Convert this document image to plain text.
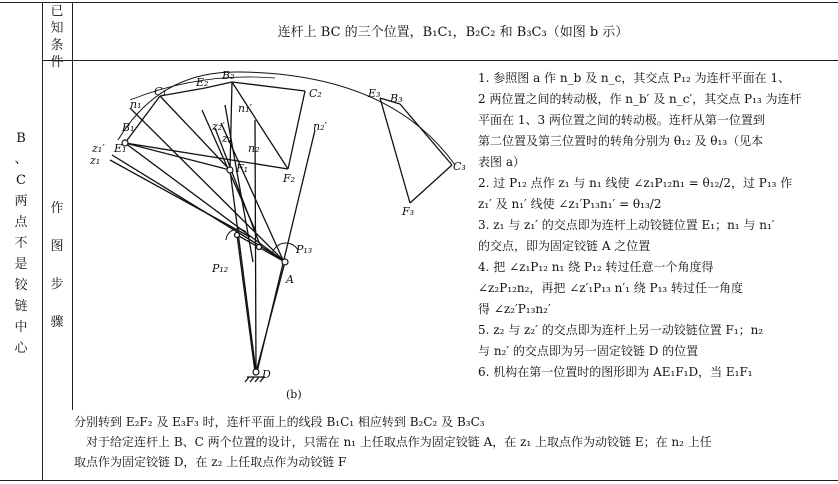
已
知
条
件
连杆上 BC 的三个位置，B₁C₁，B₂C₂ 和 B₃C₃（如图 b 示）
B
、
C
两
点
不
是
铰
链
中
心
作
图
步
骤
E₁
E₂
E₃
B₁
B₂
B₃
C₁	C₂
C₃
F₁
F₂
F₃
n₁	n₁′
n₂
n₂′
z₁
z₁′
z₂
z₂′
P₁₂
P₁₃
A
D
(b)

1. 参照图 a 作 n_b 及 n_c，其交点 P₁₂ 为连杆平面在 1、

2 两位置之间的转动极，作 n_b′ 及 n_c′，其交点 P₁₃ 为连杆

平面在 1、3 两位置之间的转动极。连杆从第一位置到

第二位置及第三位置时的转角分别为 θ₁₂ 及 θ₁₃（见本

表图 a）

2. 过 P₁₂ 点作 z₁ 与 n₁ 线使 ∠z₁P₁₂n₁ = θ₁₂/2，过 P₁₃ 作

z₁′ 及 n₁′ 线使 ∠z₁′P₁₃n₁′ = θ₁₃/2

3. z₁ 与 z₁′ 的交点即为连杆上动铰链位置 E₁；n₁ 与 n₁′

的交点，即为固定铰链 A 之位置

4. 把 ∠z₁P₁₂ n₁ 绕 P₁₂ 转过任意一个角度得

∠z₂P₁₂n₂，再把 ∠z′₁P₁₃ n′₁ 绕 P₁₃ 转过任一角度

得 ∠z₂′P₁₃n₂′

5. z₂ 与 z₂′ 的交点即为连杆上另一动铰链位置 F₁；n₂

与 n₂′ 的交点即为另一固定铰链 D 的位置

6. 机构在第一位置时的图形即为 AE₁F₁D，当 E₁F₁

分别转到 E₂F₂ 及 E₃F₃ 时，连杆平面上的线段 B₁C₁ 相应转到 B₂C₂ 及 B₃C₃

对于给定连杆上 B、C 两个位置的设计，只需在 n₁ 上任取点作为固定铰链 A，在 z₁ 上取点作为动铰链 E；在 n₂ 上任

取点作为固定铰链 D，在 z₂ 上任取点作为动铰链 F
